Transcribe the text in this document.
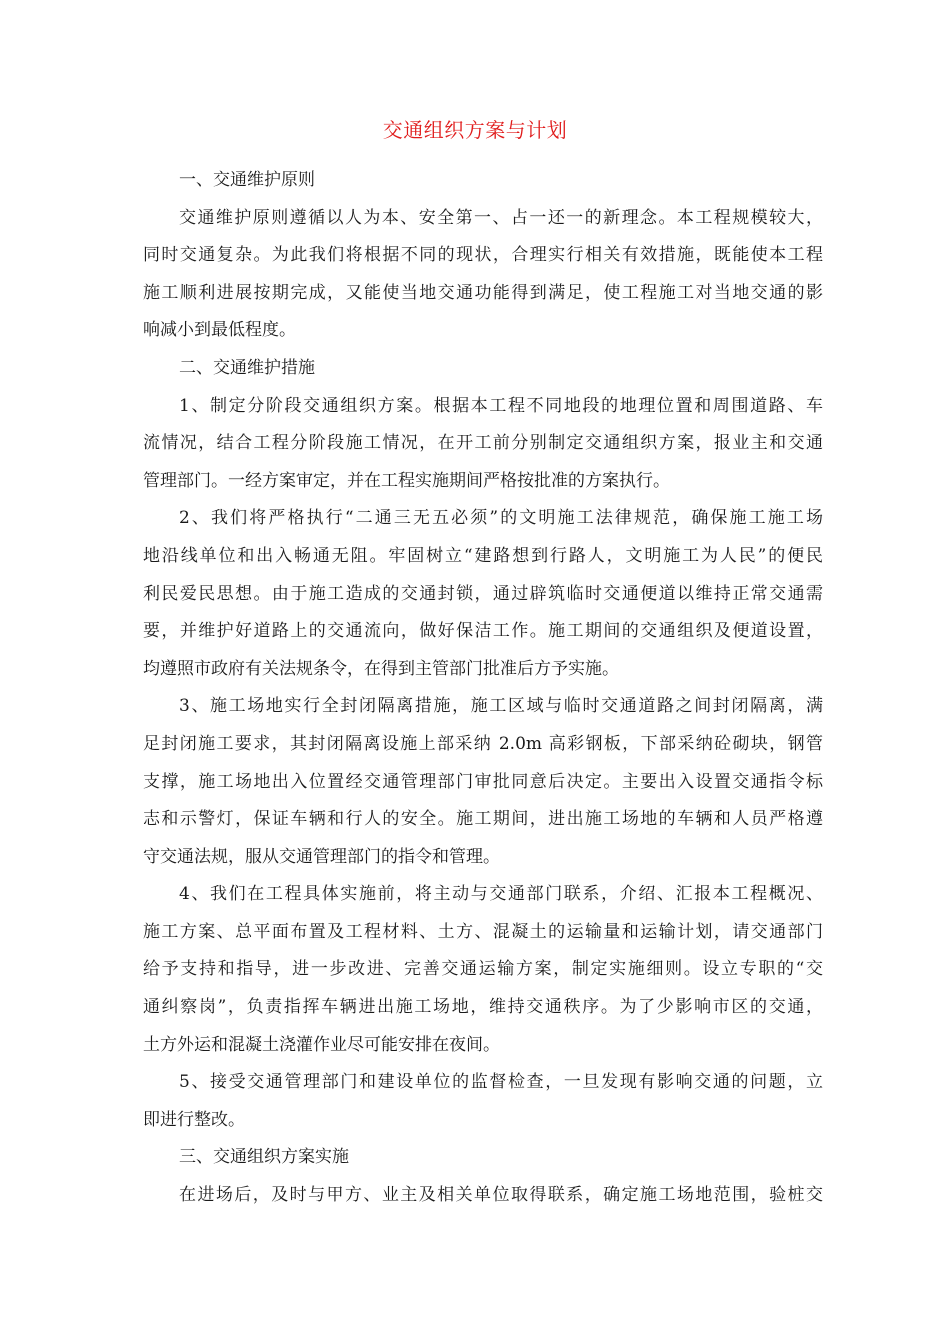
交通组织方案与计划
一、交通维护原则
交通维护原则遵循以人为本、安全第一、占一还一的新理念。本工程规模较大，
同时交通复杂。为此我们将根据不同的现状，合理实行相关有效措施，既能使本工程
施工顺利进展按期完成，又能使当地交通功能得到满足，使工程施工对当地交通的影
响减小到最低程度。
二、交通维护措施
1、制定分阶段交通组织方案。根据本工程不同地段的地理位置和周围道路、车
流情况，结合工程分阶段施工情况，在开工前分别制定交通组织方案，报业主和交通
管理部门。一经方案审定，并在工程实施期间严格按批准的方案执行。
2、我们将严格执行“二通三无五必须”的文明施工法律规范，确保施工施工场
地沿线单位和出入畅通无阻。牢固树立“建路想到行路人，文明施工为人民”的便民
利民爱民思想。由于施工造成的交通封锁，通过辟筑临时交通便道以维持正常交通需
要，并维护好道路上的交通流向，做好保洁工作。施工期间的交通组织及便道设置，
均遵照市政府有关法规条令，在得到主管部门批准后方予实施。
3、施工场地实行全封闭隔离措施，施工区域与临时交通道路之间封闭隔离，满
足封闭施工要求，其封闭隔离设施上部采纳 2.0m 高彩钢板，下部采纳砼砌块，钢管
支撑，施工场地出入位置经交通管理部门审批同意后决定。主要出入设置交通指令标
志和示警灯，保证车辆和行人的安全。施工期间，进出施工场地的车辆和人员严格遵
守交通法规，服从交通管理部门的指令和管理。
4、我们在工程具体实施前，将主动与交通部门联系，介绍、汇报本工程概况、
施工方案、总平面布置及工程材料、土方、混凝土的运输量和运输计划，请交通部门
给予支持和指导，进一步改进、完善交通运输方案，制定实施细则。设立专职的“交
通纠察岗”，负责指挥车辆进出施工场地，维持交通秩序。为了少影响市区的交通，
土方外运和混凝土浇灌作业尽可能安排在夜间。
5、接受交通管理部门和建设单位的监督检查，一旦发现有影响交通的问题，立
即进行整改。
三、交通组织方案实施
在进场后，及时与甲方、业主及相关单位取得联系，确定施工场地范围，验桩交
